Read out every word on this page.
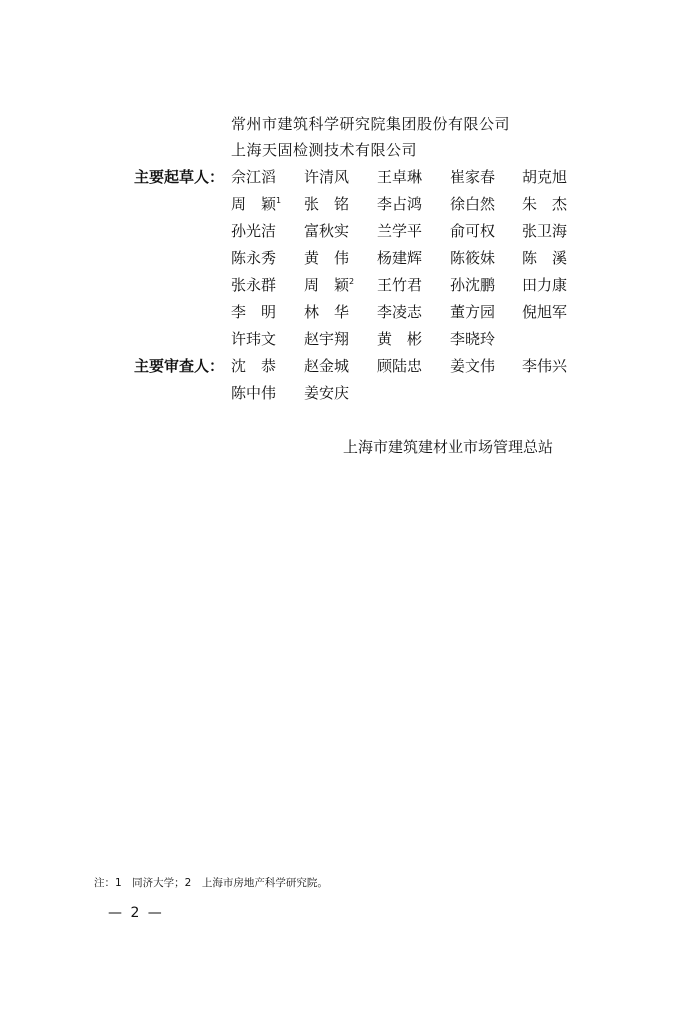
常州市建筑科学研究院集团股份有限公司
上海天固检测技术有限公司
主要起草人： 佘江滔 许清风 王卓琳 崔家春 胡克旭
周　颖$^1$ 张　铭 李占鸿 徐白然 朱　杰
孙光洁 富秋实 兰学平 俞可权 张卫海
陈永秀 黄　伟 杨建辉 陈筱妹 陈　溪
张永群 周　颖$^2$ 王竹君 孙沈鹏 田力康
李　明 林　华 李凌志 董方园 倪旭军
许玮文 赵宇翔 黄　彬 李晓玲
主要审查人： 沈　恭 赵金城 顾陆忠 姜文伟 李伟兴
陈中伟 姜安庆
上海市建筑建材业市场管理总站
注：1　同济大学；2　上海市房地产科学研究院。
— 2 —
